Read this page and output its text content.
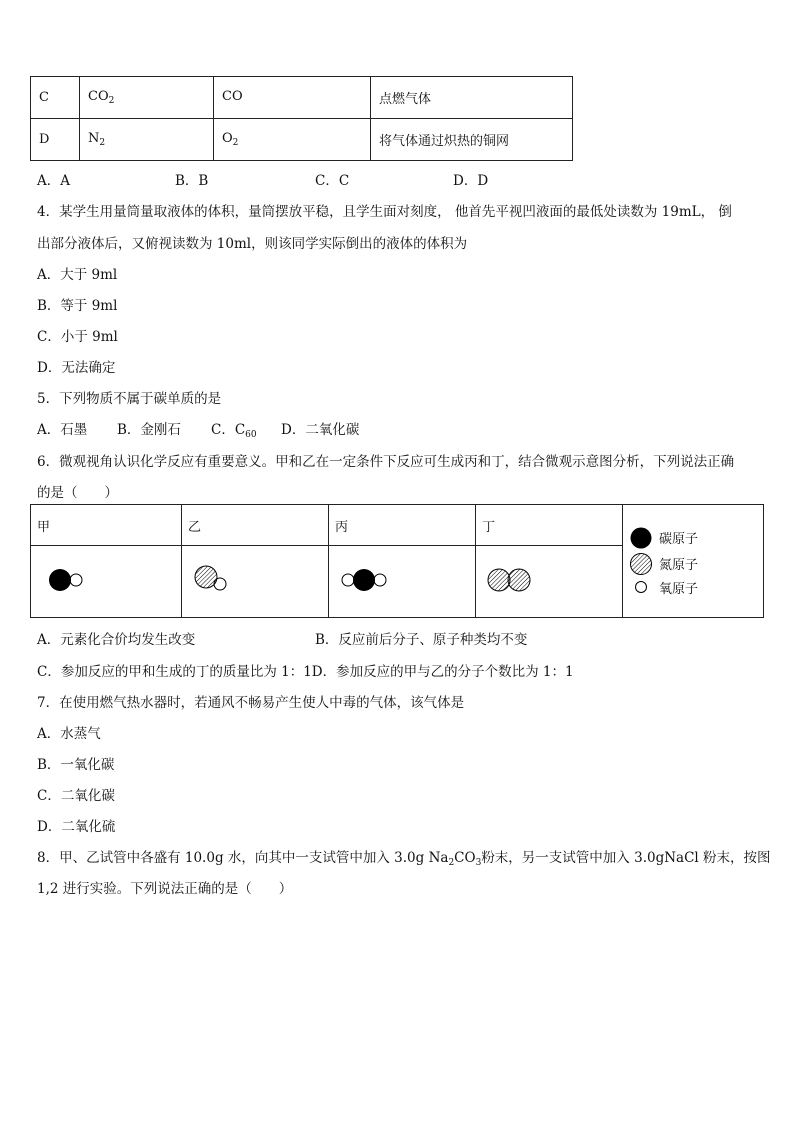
C	$CO_2$	CO	点燃气体
D	$N_2$	$O_2$	将气体通过炽热的铜网
A．A	B．B	C．C	D．D
4．某学生用量筒量取液体的体积，量筒摆放平稳，且学生面对刻度， 他首先平视凹液面的最低处读数为 19mL， 倒
出部分液体后，又俯视读数为 10ml，则该同学实际倒出的液体的体积为
A．大于 9ml
B．等于 9ml
C．小于 9ml
D．无法确定
5．下列物质不属于碳单质的是
A．石墨 B．金刚石 C．$C_{60}$ D．二氧化碳
6．微观视角认识化学反应有重要意义。甲和乙在一定条件下反应可生成丙和丁，结合微观示意图分析，下列说法正确
的是（　　）
甲	乙	丙	丁	碳原子
氮原子
氧原子

A．元素化合价均发生改变	B．反应前后分子、原子种类均不变
C．参加反应的甲和生成的丁的质量比为 1：1D．参加反应的甲与乙的分子个数比为 1：1
7．在使用燃气热水器时，若通风不畅易产生使人中毒的气体，该气体是
A．水蒸气
B．一氧化碳
C．二氧化碳
D．二氧化硫
8．甲、乙试管中各盛有 10.0g 水，向其中一支试管中加入 3.0g $Na_2CO_3$粉末，另一支试管中加入 3.0gNaCl 粉末，按图
1,2 进行实验。下列说法正确的是（　　）
